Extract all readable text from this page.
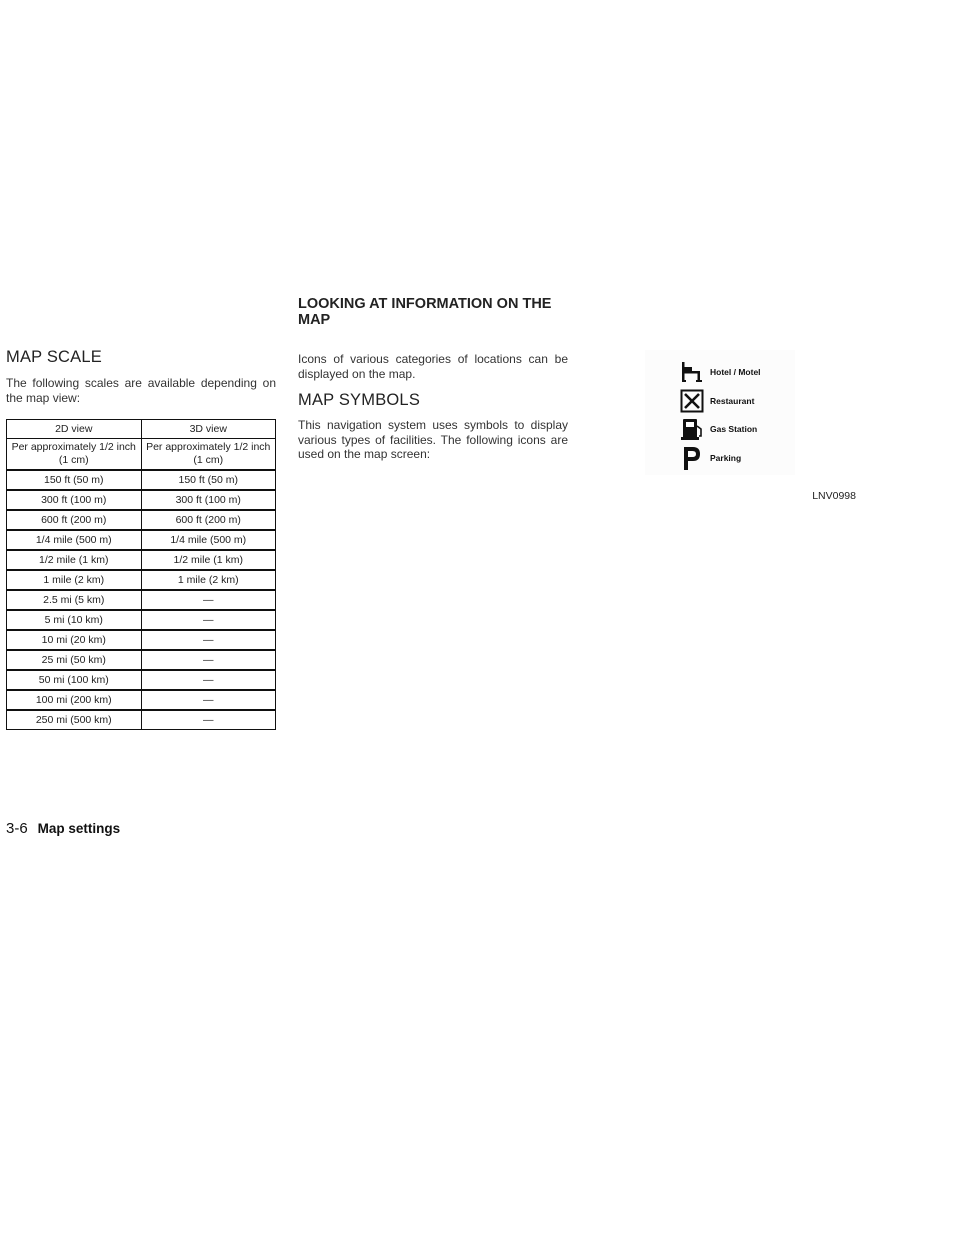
MAP SCALE

The following scales are available depending on the map view:

2D view	3D view
Per approximately 1/2 inch (1 cm)	Per approximately 1/2 inch (1 cm)
150 ft (50 m)	150 ft (50 m)
300 ft (100 m)	300 ft (100 m)
600 ft (200 m)	600 ft (200 m)
1/4 mile (500 m)	1/4 mile (500 m)
1/2 mile (1 km)	1/2 mile (1 km)
1 mile (2 km)	1 mile (2 km)
2.5 mi (5 km)	—
5 mi (10 km)	—
10 mi (20 km)	—
25 mi (50 km)	—
50 mi (100 km)	—
100 mi (200 km)	—
250 mi (500 km)	—
LOOKING AT INFORMATION ON THE MAP

Icons of various categories of locations can be displayed on the map.

MAP SYMBOLS

This navigation system uses symbols to display various types of facilities. The following icons are used on the map screen:

Hotel / Motel
Restaurant
Gas Station
Parking
LNV0998
3-6 Map settings
